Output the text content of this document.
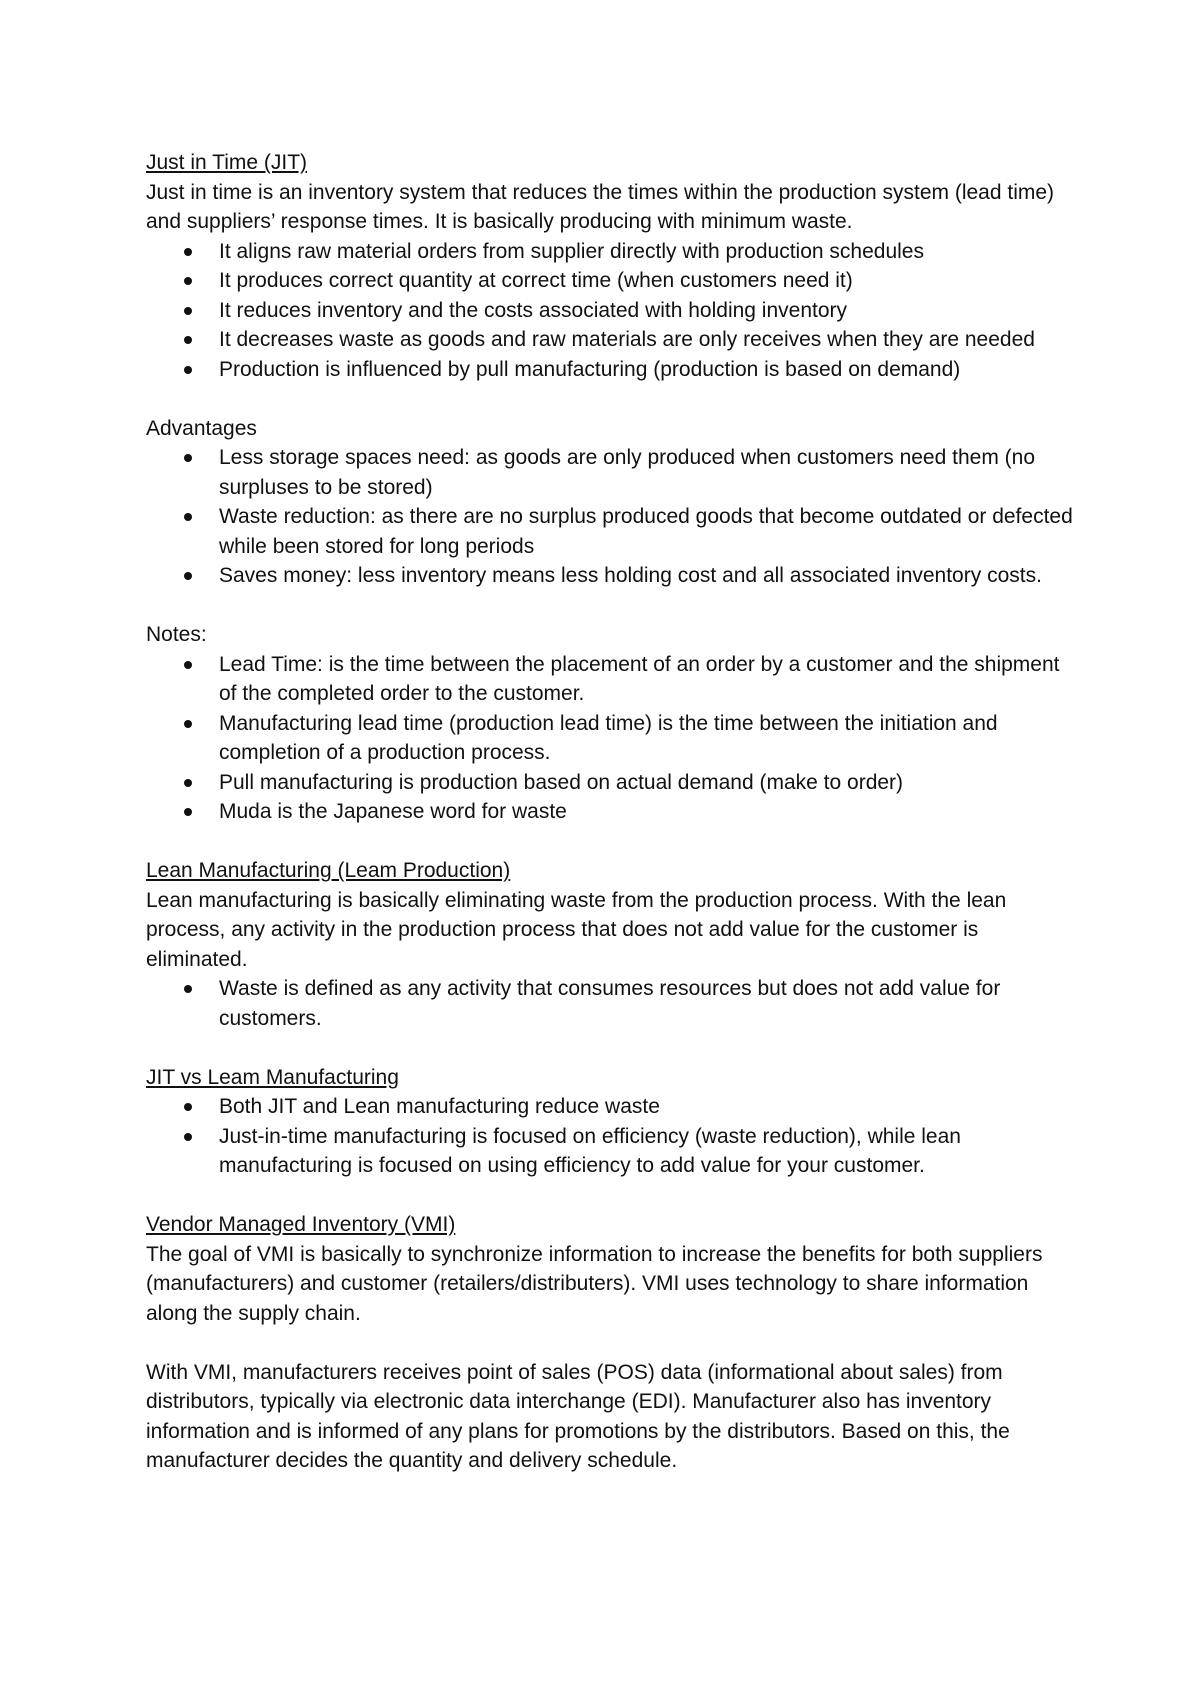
Just in Time (JIT)

Just in time is an inventory system that reduces the times within the production system (lead time) and suppliers’ response times. It is basically producing with minimum waste.

It aligns raw material orders from supplier directly with production schedules
It produces correct quantity at correct time (when customers need it)
It reduces inventory and the costs associated with holding inventory
It decreases waste as goods and raw materials are only receives when they are needed
Production is influenced by pull manufacturing (production is based on demand)
Advantages
Less storage spaces need: as goods are only produced when customers need them (no surpluses to be stored)
Waste reduction: as there are no surplus produced goods that become outdated or defected while been stored for long periods
Saves money: less inventory means less holding cost and all associated inventory costs.
Notes:
Lead Time: is the time between the placement of an order by a customer and the shipment of the completed order to the customer.
Manufacturing lead time (production lead time) is the time between the initiation and completion of a production process.
Pull manufacturing is production based on actual demand (make to order)
Muda is the Japanese word for waste
Lean Manufacturing (Leam Production)

Lean manufacturing is basically eliminating waste from the production process. With the lean process, any activity in the production process that does not add value for the customer is eliminated.

Waste is defined as any activity that consumes resources but does not add value for customers.
JIT vs Leam Manufacturing
Both JIT and Lean manufacturing reduce waste
Just-in-time manufacturing is focused on efficiency (waste reduction), while lean manufacturing is focused on using efficiency to add value for your customer.
Vendor Managed Inventory (VMI)

The goal of VMI is basically to synchronize information to increase the benefits for both suppliers (manufacturers) and customer (retailers/distributers). VMI uses technology to share information along the supply chain.

With VMI, manufacturers receives point of sales (POS) data (informational about sales) from distributors, typically via electronic data interchange (EDI). Manufacturer also has inventory information and is informed of any plans for promotions by the distributors. Based on this, the manufacturer decides the quantity and delivery schedule.
